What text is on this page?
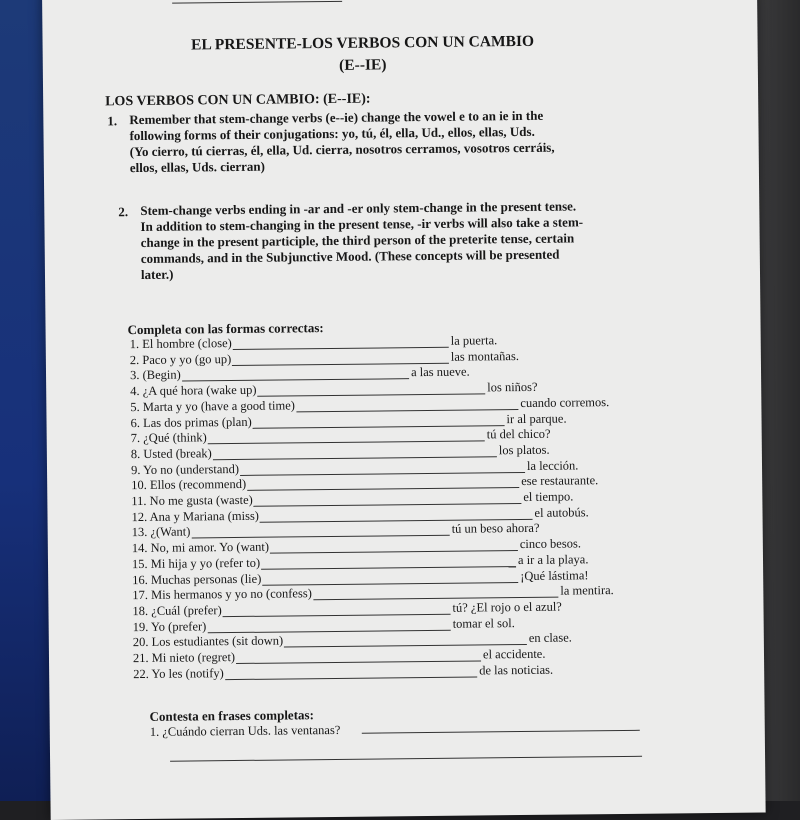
EL PRESENTE-LOS VERBOS CON UN CAMBIO
(E--IE)
LOS VERBOS CON UN CAMBIO: (E--IE):
1. Remember that stem-change verbs (e--ie) change the vowel e to an ie in the
following forms of their conjugations: yo, tú, él, ella, Ud., ellos, ellas, Uds.
(Yo cierro, tú cierras, él, ella, Ud. cierra, nosotros cerramos, vosotros cerráis,
ellos, ellas, Uds. cierran)
2. Stem-change verbs ending in -ar and -er only stem-change in the present tense.
In addition to stem-changing in the present tense, -ir verbs will also take a stem-
change in the present participle, the third person of the preterite tense, certain
commands, and in the Subjunctive Mood. (These concepts will be presented
later.)
Completa con las formas correctas:
1. El hombre (close)	la puerta.
2. Paco y yo (go up)	las montañas.
3. (Begin)	a las nueve.
4. ¿A qué hora (wake up)	los niños?
5. Marta y yo (have a good time)	cuando corremos.
6. Las dos primas (plan)	ir al parque.
7. ¿Qué (think)	tú del chico?
8. Usted (break)	los platos.
9. Yo no (understand)	la lección.
10. Ellos (recommend)	ese restaurante.
11. No me gusta (waste)	el tiempo.
12. Ana y Mariana (miss)	el autobús.
13. ¿(Want)	tú un beso ahora?
14. No, mi amor. Yo (want)	cinco besos.
15. Mi hija y yo (refer to)	a ir a la playa.
16. Muchas personas (lie)	¡Qué lástima!
17. Mis hermanos y yo no (confess)	la mentira.
18. ¿Cuál (prefer)	tú? ¿El rojo o el azul?
19. Yo (prefer)	tomar el sol.
20. Los estudiantes (sit down)	en clase.
21. Mi nieto (regret)	el accidente.
22. Yo les (notify)	de las noticias.
Contesta en frases completas:
1. ¿Cuándo cierran Uds. las ventanas?
